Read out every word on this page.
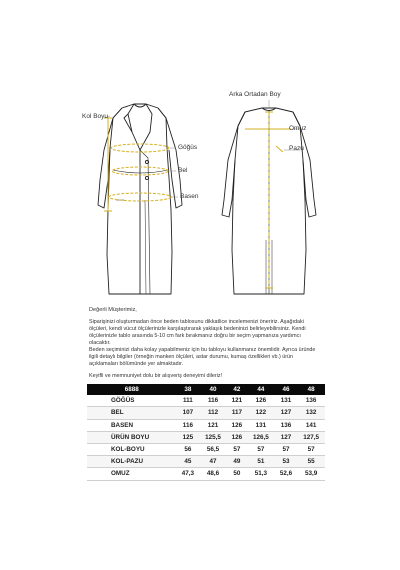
Kol Boyu
Göğüs
Bel
Basen
Arka Ortadan Boy
Omuz
Pazu

Değerli Müşterimiz,

Siparişinizi oluşturmadan önce beden tablosunu dikkatlice incelemenizi öneririz. Aşağıdaki ölçüleri, kendi vücut ölçülerinizle karşılaştırarak yaklaşık bedeninizi belirleyebilirsiniz. Kendi ölçülerinizle tablo arasında 5-10 cm fark bırakmanız doğru bir seçim yapmanıza yardımcı olacaktır.

Beden seçiminizi daha kolay yapabilmeniz için bu tabloyu kullanmanız önemlidir. Ayrıca üründe ilgili detaylı bilgiler (örneğin manken ölçüleri, astar durumu, kumaş özellikleri vb.) ürün açıklamaları bölümünde yer almaktadır.

Keyifli ve memnuniyet dolu bir alışveriş deneyimi dileriz!

6888	38	40	42	44	46	48
GÖĞÜS	111	116	121	126	131	136
BEL	107	112	117	122	127	132
BASEN	116	121	126	131	136	141
ÜRÜN BOYU	125	125,5	126	126,5	127	127,5
KOL-BOYU	56	56,5	57	57	57	57
KOL-PAZU	45	47	49	51	53	55
OMUZ	47,3	48,6	50	51,3	52,6	53,9
